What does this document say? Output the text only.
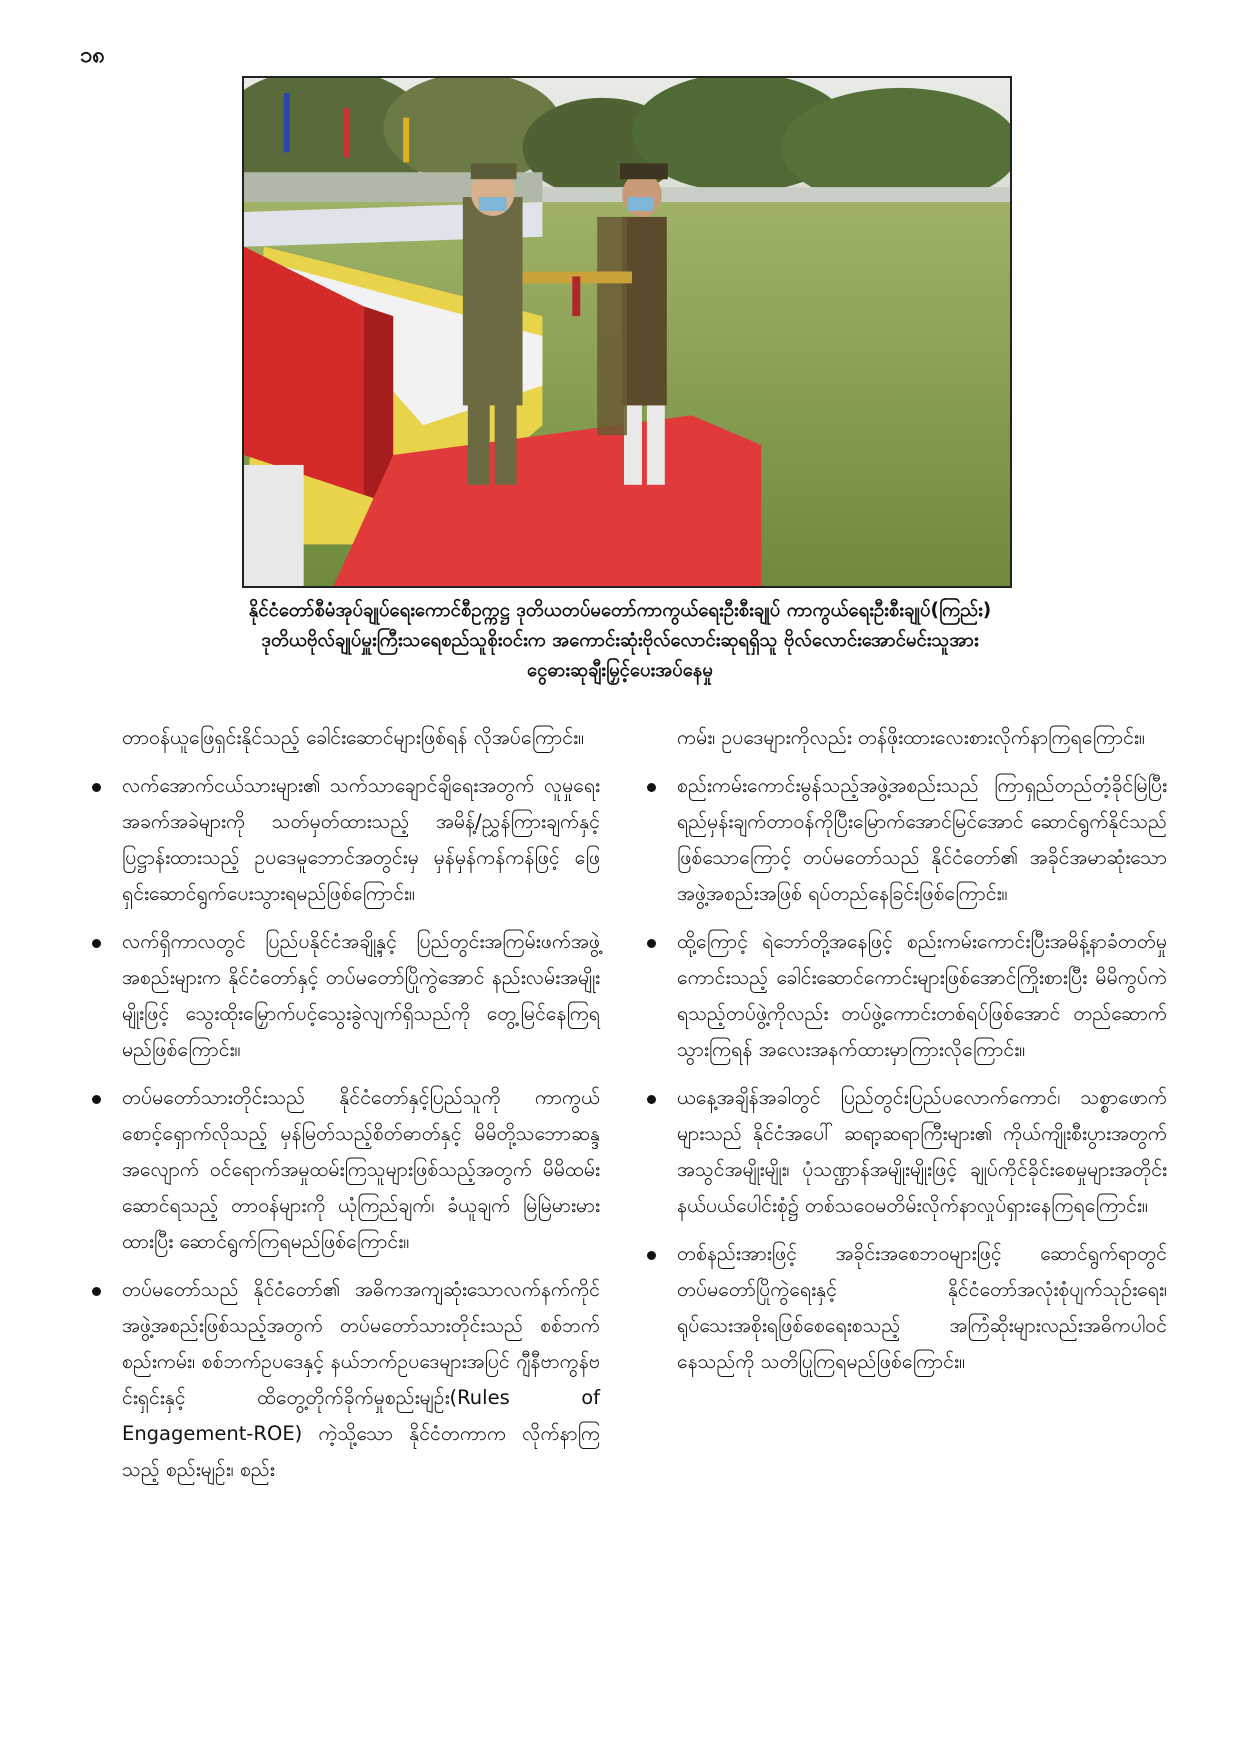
၁၈
နိုင်ငံတော်စီမံအုပ်ချုပ်ရေးကောင်စီဥက္ကဋ္ဌ ဒုတိယတပ်မတော်ကာကွယ်ရေးဦးစီးချုပ် ကာကွယ်ရေးဦးစီးချုပ်(ကြည်း)
ဒုတိယဗိုလ်ချုပ်မှူးကြီးသရေစည်သူစိုးဝင်းက အကောင်းဆုံးဗိုလ်လောင်းဆုရရှိသူ ဗိုလ်လောင်းအောင်မင်းသူအား
ငွေဓားဆုချီးမြှင့်ပေးအပ်နေမှု

တာဝန်ယူဖြေရှင်းနိုင်သည့် ခေါင်းဆောင်များဖြစ်ရန် လိုအပ်ကြောင်း။

လက်အောက်ငယ်သားများ၏ သက်သာချောင်ချိရေးအတွက် လူမှုရေးအခက်အခဲများကို သတ်မှတ်ထားသည့် အမိန့်/ညွှန်ကြားချက်နှင့် ပြဋ္ဌာန်းထားသည့် ဥပဒေမူဘောင်အတွင်းမှ မှန်မှန်ကန်ကန်ဖြင့် ဖြေရှင်းဆောင်ရွက်ပေးသွားရမည်ဖြစ်ကြောင်း။

လက်ရှိကာလတွင် ပြည်ပနိုင်ငံအချို့နှင့် ပြည်တွင်းအကြမ်းဖက်အဖွဲ့အစည်းများက နိုင်ငံတော်နှင့် တပ်မတော်ပြိုကွဲအောင် နည်းလမ်းအမျိုးမျိုးဖြင့် သွေးထိုးမြှောက်ပင့်သွေးခွဲလျက်ရှိသည်ကို တွေ့မြင်နေကြရမည်ဖြစ်ကြောင်း။

တပ်မတော်သားတိုင်းသည် နိုင်ငံတော်နှင့်ပြည်သူကို ကာကွယ်စောင့်ရှောက်လိုသည့် မှန်မြတ်သည့်စိတ်ဓာတ်နှင့် မိမိတို့သဘောဆန္ဒအလျောက် ဝင်ရောက်အမှုထမ်းကြသူများဖြစ်သည့်အတွက် မိမိထမ်းဆောင်ရသည့် တာဝန်များကို ယုံကြည်ချက်၊ ခံယူချက် မြဲမြဲမားမားထားပြီး ဆောင်ရွက်ကြရမည်ဖြစ်ကြောင်း။

တပ်မတော်သည် နိုင်ငံတော်၏ အဓိကအကျဆုံးသောလက်နက်ကိုင်အဖွဲ့အစည်းဖြစ်သည့်အတွက် တပ်မတော်သားတိုင်းသည် စစ်ဘက်စည်းကမ်း၊ စစ်ဘက်ဥပဒေနှင့် နယ်ဘက်ဥပဒေများအပြင် ဂျီနီဗာကွန်ဗင်းရှင်းနှင့် ထိတွေ့တိုက်ခိုက်မှုစည်းမျဉ်း(Rules of Engagement-ROE) ကဲ့သို့သော နိုင်ငံတကာက လိုက်နာကြသည့် စည်းမျဉ်း၊ စည်း

ကမ်း၊ ဥပဒေများကိုလည်း တန်ဖိုးထားလေးစားလိုက်နာကြရကြောင်း။

စည်းကမ်းကောင်းမွန်သည့်အဖွဲ့အစည်းသည် ကြာရှည်တည်တံ့ခိုင်မြဲပြီး ရည်မှန်းချက်တာဝန်ကိုပြီးမြောက်အောင်မြင်အောင် ဆောင်ရွက်နိုင်သည်ဖြစ်သောကြောင့် တပ်မတော်သည် နိုင်ငံတော်၏ အခိုင်အမာဆုံးသော အဖွဲ့အစည်းအဖြစ် ရပ်တည်နေခြင်းဖြစ်ကြောင်း။

ထို့ကြောင့် ရဲဘော်တို့အနေဖြင့် စည်းကမ်းကောင်းပြီးအမိန့်နာခံတတ်မှုကောင်းသည့် ခေါင်းဆောင်ကောင်းများဖြစ်အောင်ကြိုးစားပြီး မိမိကွပ်ကဲရသည့်တပ်ဖွဲ့ကိုလည်း တပ်ဖွဲ့ကောင်းတစ်ရပ်ဖြစ်အောင် တည်ဆောက်သွားကြရန် အလေးအနက်ထားမှာကြားလိုကြောင်း။

ယနေ့အချိန်အခါတွင် ပြည်တွင်းပြည်ပလောက်ကောင်၊ သစ္စာဖောက်များသည် နိုင်ငံအပေါ် ဆရာ့ဆရာကြီးများ၏ ကိုယ်ကျိုးစီးပွားအတွက် အသွင်အမျိုးမျိုး၊ ပုံသဏ္ဌာန်အမျိုးမျိုးဖြင့် ချုပ်ကိုင်ခိုင်းစေမှုများအတိုင်း နယ်ပယ်ပေါင်းစုံ၌ တစ်သဝေမတိမ်းလိုက်နာလှုပ်ရှားနေကြရကြောင်း။

တစ်နည်းအားဖြင့် အခိုင်းအစေဘဝများဖြင့် ဆောင်ရွက်ရာတွင် တပ်မတော်ပြိုကွဲရေးနှင့် နိုင်ငံတော်အလုံးစုံပျက်သုဉ်းရေး၊ ရုပ်သေးအစိုးရဖြစ်စေရေးစသည့် အကြံဆိုးများလည်းအဓိကပါဝင်နေသည်ကို သတိပြုကြရမည်ဖြစ်ကြောင်း။
